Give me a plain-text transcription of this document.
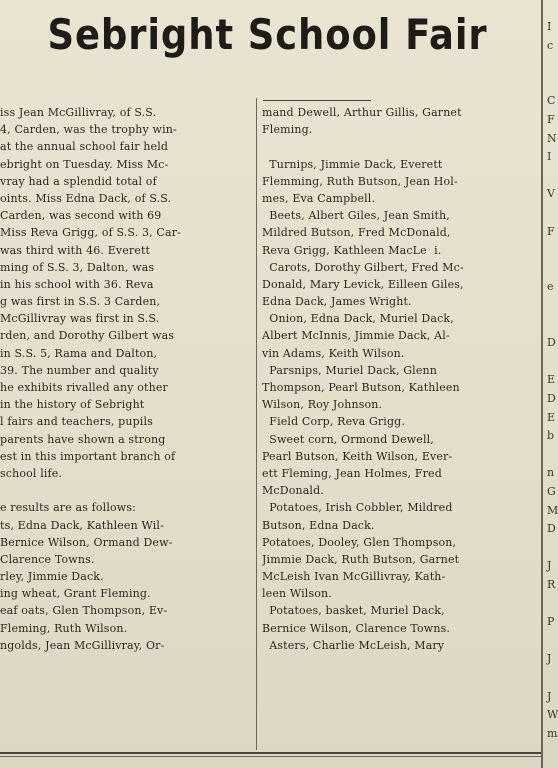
Sebright School Fair
iss Jean McGillivray, of S.S.
4, Carden, was the trophy win-
at the annual school fair held
ebright on Tuesday. Miss Mc-
vray had a splendid total of
oints. Miss Edna Dack, of S.S.
Carden, was second with 69
Miss Reva Grigg, of S.S. 3, Car-
was third with 46. Everett
ming of S.S. 3, Dalton, was
in his school with 36. Reva
g was first in S.S. 3 Carden,
McGillivray was first in S.S.
rden, and Dorothy Gilbert was
in S.S. 5, Rama and Dalton,
39. The number and quality
he exhibits rivalled any other
in the history of Sebright
l fairs and teachers, pupils
parents have shown a strong
est in this important branch of
school life.
e results are as follows:
ts, Edna Dack, Kathleen Wil-
Bernice Wilson, Ormand Dew-
Clarence Towns.
rley, Jimmie Dack.
ing wheat, Grant Fleming.
eaf oats, Glen Thompson, Ev-
Fleming, Ruth Wilson.
ngolds, Jean McGillivray, Or-
mand Dewell, Arthur Gillis, Garnet
Fleming.
Turnips, Jimmie Dack, Everett
Flemming, Ruth Butson, Jean Hol-
mes, Eva Campbell.
Beets, Albert Giles, Jean Smith,
Mildred Butson, Fred McDonald,
Reva Grigg, Kathleen MacLe  i.
Carots, Dorothy Gilbert, Fred Mc-
Donald, Mary Levick, Eilleen Giles,
Edna Dack, James Wright.
Onion, Edna Dack, Muriel Dack,
Albert McInnis, Jimmie Dack, Al-
vin Adams, Keith Wilson.
Parsnips, Muriel Dack, Glenn
Thompson, Pearl Butson, Kathleen
Wilson, Roy Johnson.
Field Corp, Reva Grigg.
Sweet corn, Ormond Dewell,
Pearl Butson, Keith Wilson, Ever-
ett Fleming, Jean Holmes, Fred
McDonald.
Potatoes, Irish Cobbler, Mildred
Butson, Edna Dack.
Potatoes, Dooley, Glen Thompson,
Jimmie Dack, Ruth Butson, Garnet
McLeish Ivan McGillivray, Kath-
leen Wilson.
Potatoes, basket, Muriel Dack,
Bernice Wilson, Clarence Towns.
Asters, Charlie McLeish, Mary
I
c
C
F
N
I
V
F
e
D
E
D
E
b
n
G
M
D
J
R
P
J
J
W
m
